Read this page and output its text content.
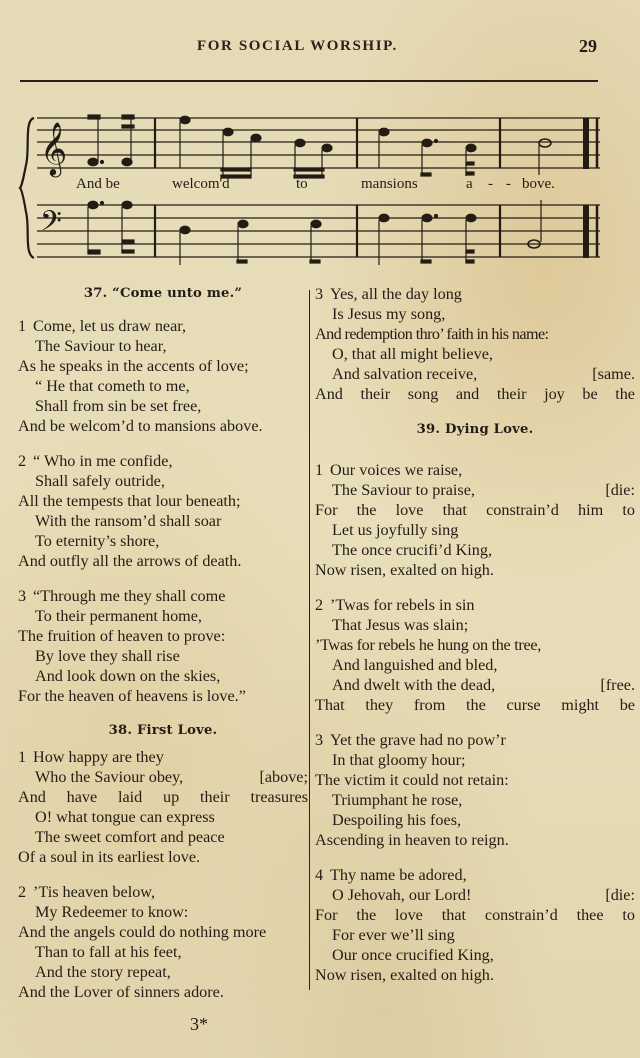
FOR SOCIAL WORSHIP.	29
𝄞
𝄢
And be	welcom'd	to	mansions	a - - bove.
37. “Come unto me.”
1 Come, let us draw near,
The Saviour to hear,
As he speaks in the accents of love;
“ He that cometh to me,
Shall from sin be set free,
And be welcom’d to mansions above.
2 “ Who in me confide,
Shall safely outride,
All the tempests that lour beneath;
With the ransom’d shall soar
To eternity’s shore,
And outfly all the arrows of death.
3 “Through me they shall come
To their permanent home,
The fruition of heaven to prove:
By love they shall rise
And look down on the skies,
For the heaven of heavens is love.”
38. First Love.
1 How happy are they
Who the Saviour obey,	[above;
And have laid up their treasures
O! what tongue can express
The sweet comfort and peace
Of a soul in its earliest love.
2 ’Tis heaven below,
My Redeemer to know:
And the angels could do nothing more
Than to fall at his feet,
And the story repeat,
And the Lover of sinners adore.
3 Yes, all the day long
Is Jesus my song,
And redemption thro’ faith in his name:
O, that all might believe,
And salvation receive,	[same.
And their song and their joy be the
39. Dying Love.
1 Our voices we raise,
The Saviour to praise,	[die:
For the love that constrain’d him to
Let us joyfully sing
The once crucifi’d King,
Now risen, exalted on high.
2 ’Twas for rebels in sin
That Jesus was slain;
’Twas for rebels he hung on the tree,
And languished and bled,
And dwelt with the dead,	[free.
That they from the curse might be
3 Yet the grave had no pow’r
In that gloomy hour;
The victim it could not retain:
Triumphant he rose,
Despoiling his foes,
Ascending in heaven to reign.
4 Thy name be adored,
O Jehovah, our Lord!	[die:
For the love that constrain’d thee to
For ever we’ll sing
Our once crucified King,
Now risen, exalted on high.
3*
